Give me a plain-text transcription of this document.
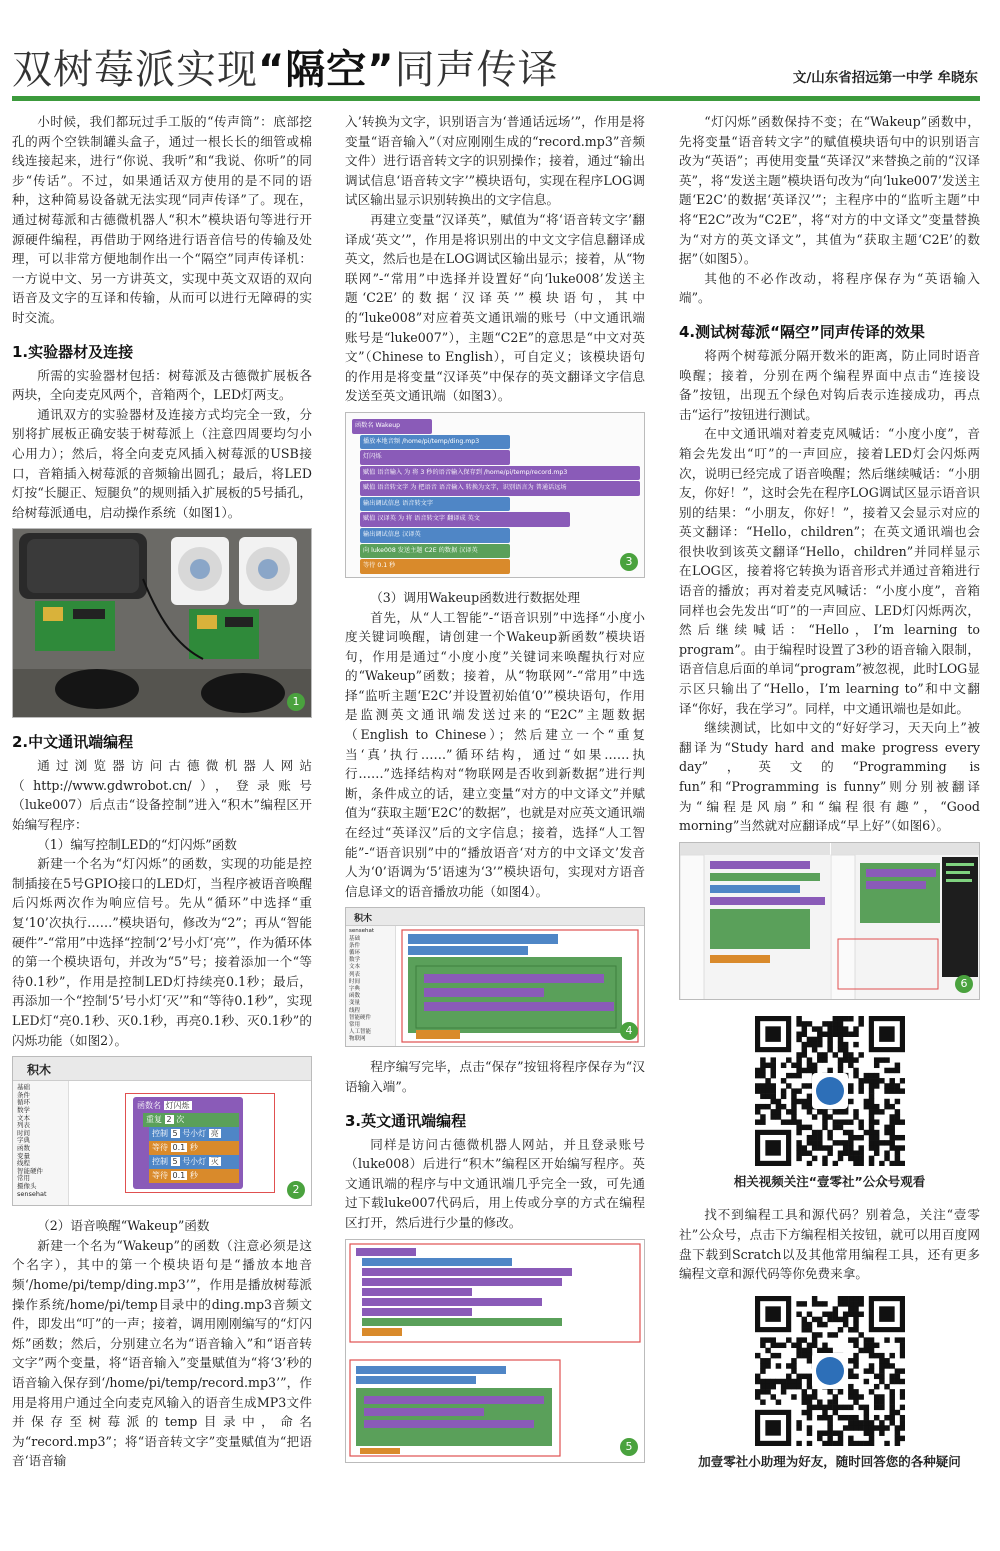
双树莓派实现“隔空”同声传译	文/山东省招远第一中学 牟晓东

小时候，我们都玩过手工版的“传声筒”：底部挖孔的两个空铁制罐头盒子，通过一根长长的细管或棉线连接起来，进行“你说、我听”和“我说、你听”的同步“传话”。不过，如果通话双方使用的是不同的语种，这种简易设备就无法实现“同声传译”了。现在，通过树莓派和古德微机器人“积木”模块语句等进行开源硬件编程，再借助于网络进行语音信号的传输及处理，可以非常方便地制作出一个“隔空”同声传译机：一方说中文、另一方讲英文，实现中英文双语的双向语音及文字的互译和传输，从而可以进行无障碍的实时交流。

1.实验器材及连接

所需的实验器材包括：树莓派及古德微扩展板各两块，全向麦克风两个，音箱两个，LED灯两支。

通讯双方的实验器材及连接方式均完全一致，分别将扩展板正确安装于树莓派上（注意四周要均匀小心用力）；然后，将全向麦克风插入树莓派的USB接口，音箱插入树莓派的音频输出圆孔；最后，将LED灯按“长腿正、短腿负”的规则插入扩展板的5号插孔，给树莓派通电，启动操作系统（如图1）。

1
2.中文通讯端编程

通过浏览器访问古德微机器人网站（http://www.gdwrobot.cn/），登录账号（luke007）后点击“设备控制”进入“积木”编程区开始编写程序：

（1）编写控制LED的“灯闪烁”函数

新建一个名为“灯闪烁”的函数，实现的功能是控制插接在5号GPIO接口的LED灯，当程序被语音唤醒后闪烁两次作为响应信号。先从“循环”中选择“重复‘10’次执行……”模块语句，修改为“2”；再从“智能硬件”-“常用”中选择“控制‘2’号小灯‘亮’”，作为循环体的第一个模块语句，并改为“5”号；接着添加一个“等待0.1秒”，作用是控制LED灯持续亮0.1秒；最后，再添加一个“控制‘5’号小灯‘灭’”和“等待0.1秒”，实现LED灯“亮0.1秒、灭0.1秒，再亮0.1秒、灭0.1秒”的闪烁功能（如图2）。

积木
基础
条件
循环
数学
文本
列表
时间
字典
函数
变量
线程
智能硬件
常用
摄像头
sensehat
函数名 灯闪烁
重复 2 次
控制 5 号小灯 亮
等待 0.1 秒
控制 5 号小灯 灭
等待 0.1 秒
2

（2）语音唤醒“Wakeup”函数

新建一个名为“Wakeup”的函数（注意必须是这个名字），其中的第一个模块语句是“播放本地音频‘/home/pi/temp/ding.mp3’”，作用是播放树莓派操作系统/home/pi/temp目录中的ding.mp3音频文件，即发出“叮”的一声；接着，调用刚刚编写的“灯闪烁”函数；然后，分别建立名为“语音输入”和“语音转文字”两个变量，将“语音输入”变量赋值为“将‘3’秒的语音输入保存到‘/home/pi/temp/record.mp3’”，作用是将用户通过全向麦克风输入的语音生成MP3文件并保存至树莓派的temp目录中，命名为“record.mp3”；将“语音转文字”变量赋值为“把语音‘语音输

入’转换为文字，识别语言为‘普通话远场’”，作用是将变量“语音输入”（对应刚刚生成的“record.mp3”音频文件）进行语音转文字的识别操作；接着，通过“输出调试信息‘语音转文字’”模块语句，实现在程序LOG调试区输出显示识别转换出的文字信息。

再建立变量“汉译英”，赋值为“将‘语音转文字’翻译成‘英文’”，作用是将识别出的中文文字信息翻译成英文，然后也是在LOG调试区输出显示；接着，从“物联网”-“常用”中选择并设置好“向‘luke008’发送主题‘C2E’的数据‘汉译英’”模块语句，其中的“luke008”对应着英文通讯端的账号（中文通讯端账号是“luke007”），主题“C2E”的意思是“中文对英文”（Chinese to English），可自定义；该模块语句的作用是将变量“汉译英”中保存的英文翻译文字信息发送至英文通讯端（如图3）。

函数名 Wakeup
播放本地音频 /home/pi/temp/ding.mp3
灯闪烁
赋值 语音输入 为 将 3 秒的语音输入保存到 /home/pi/temp/record.mp3
赋值 语音转文字 为 把语音 语音输入 转换为文字，识别语言为 普通话远场
输出调试信息 语音转文字
赋值 汉译英 为 将 语音转文字 翻译成 英文
输出调试信息 汉译英
向 luke008 发送主题 C2E 的数据 汉译英
等待 0.1 秒	3

（3）调用Wakeup函数进行数据处理

首先，从“人工智能”-“语音识别”中选择“小度小度关键词唤醒，请创建一个Wakeup新函数”模块语句，作用是通过“小度小度”关键词来唤醒执行对应的“Wakeup”函数；接着，从“物联网”-“常用”中选择“监听主题‘E2C’并设置初始值‘0’”模块语句，作用是监测英文通讯端发送过来的“E2C”主题数据（English to Chinese）；然后建立一个“重复当‘真’执行……”循环结构，通过“如果……执行……”选择结构对“物联网是否收到新数据”进行判断，条件成立的话，建立变量“对方的中文译文”并赋值为“获取主题‘E2C’的数据”，也就是对应英文通讯端在经过“英译汉”后的文字信息；接着，选择“人工智能”-“语音识别”中的“播放语音‘对方的中文译文’发音人为‘0’语调为‘5’语速为‘3’”模块语句，实现对方语音信息译文的语音播放功能（如图4）。

积木
sensehat
基础
条件
循环
数学
文本
列表
时间
字典
函数
变量
线程
智能硬件
常用
人工智能
物联网
4

程序编写完毕，点击“保存”按钮将程序保存为“汉语输入端”。

3.英文通讯端编程

同样是访问古德微机器人网站，并且登录账号（luke008）后进行“积木”编程区开始编写程序。英文通讯端的程序与中文通讯端几乎完全一致，可先通过下载luke007代码后，用上传或分享的方式在编程区打开，然后进行少量的修改。

5

“灯闪烁”函数保持不变；在“Wakeup”函数中，先将变量“语音转文字”的赋值模块语句中的识别语言改为“英语”；再使用变量“英译汉”来替换之前的“汉译英”，将“发送主题”模块语句改为“向‘luke007’发送主题‘E2C’的数据‘英译汉’”；主程序中的“监听主题”中将“E2C”改为“C2E”，将“对方的中文译文”变量替换为“对方的英文译文”，其值为“获取主题‘C2E’的数据”（如图5）。

其他的不必作改动，将程序保存为“英语输入端”。

4.测试树莓派“隔空”同声传译的效果

将两个树莓派分隔开数米的距离，防止同时语音唤醒；接着，分别在两个编程界面中点击“连接设备”按钮，出现五个绿色对钩后表示连接成功，再点击“运行”按钮进行测试。

在中文通讯端对着麦克风喊话：“小度小度”，音箱会先发出“叮”的一声回应，接着LED灯会闪烁两次，说明已经完成了语音唤醒；然后继续喊话：“小朋友，你好！”，这时会先在程序LOG调试区显示语音识别的结果：“小朋友，你好！”，接着又会显示对应的英文翻译：“Hello，children”；在英文通讯端也会很快收到该英文翻译“Hello，children”并同样显示在LOG区，接着将它转换为语音形式并通过音箱进行语音的播放；再对着麦克风喊话：“小度小度”，音箱同样也会先发出“叮”的一声回应、LED灯闪烁两次，然后继续喊话：“Hello，I’m learning to program”。由于编程时设置了3秒的语音输入限制，语音信息后面的单词“program”被忽视，此时LOG显示区只输出了“Hello，I’m learning to”和中文翻译“你好，我在学习”。同样，中文通讯端也是如此。

继续测试，比如中文的“好好学习，天天向上”被翻译为“Study hard and make progress every day”，英文的“Programming is fun”和“Programming is funny”则分别被翻译为“编程是风扇”和“编程很有趣”，“Good morning”当然就对应翻译成“早上好”（如图6）。

6
相关视频关注“壹零社”公众号观看

找不到编程工具和源代码？别着急，关注“壹零社”公众号，点击下方编程相关按钮，就可以用百度网盘下载到Scratch以及其他常用编程工具，还有更多编程文章和源代码等你免费来拿。

加壹零社小助理为好友，随时回答您的各种疑问
